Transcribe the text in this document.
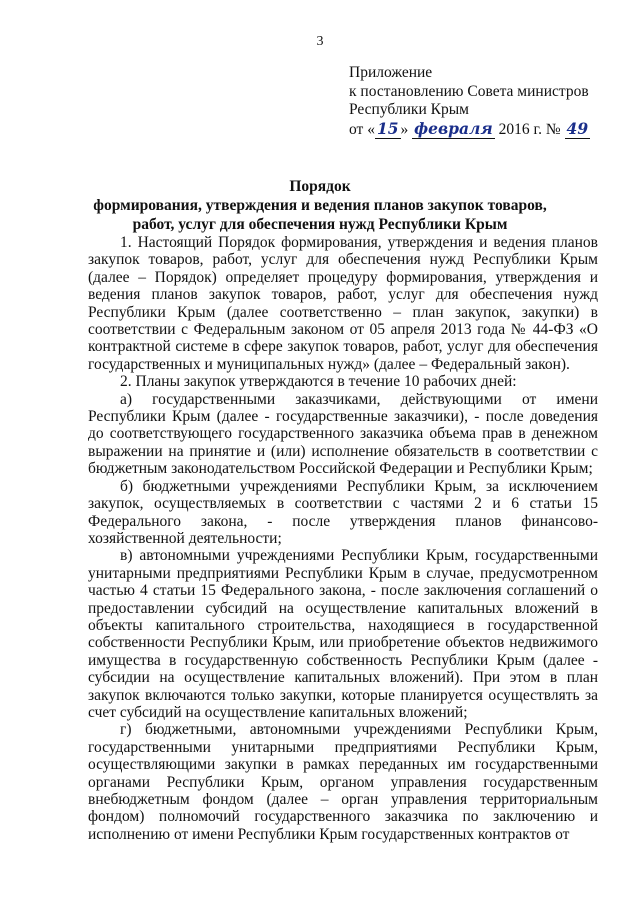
3
Приложение
к постановлению Совета министров
Республики Крым
от « 15 » февраля 2016 г. № 49
Порядок
формирования, утверждения и ведения планов закупок товаров,
работ, услуг для обеспечения нужд Республики Крым

1. Настоящий Порядок формирования, утверждения и ведения планов закупок товаров, работ, услуг для обеспечения нужд Республики Крым (далее – Порядок) определяет процедуру формирования, утверждения и ведения планов закупок товаров, работ, услуг для обеспечения нужд Республики Крым (далее соответственно – план закупок, закупки) в соответствии с Федеральным законом от 05 апреля 2013 года № 44-ФЗ «О контрактной системе в сфере закупок товаров, работ, услуг для обеспечения государственных и муниципальных нужд» (далее – Федеральный закон).

2. Планы закупок утверждаются в течение 10 рабочих дней:

а) государственными заказчиками, действующими от имени Республики Крым (далее - государственные заказчики), - после доведения до соответствующего государственного заказчика объема прав в денежном выражении на принятие и (или) исполнение обязательств в соответствии с бюджетным законодательством Российской Федерации и Республики Крым;

б) бюджетными учреждениями Республики Крым, за исключением закупок, осуществляемых в соответствии с частями 2 и 6 статьи 15 Федерального закона, - после утверждения планов финансово-хозяйственной деятельности;

в) автономными учреждениями Республики Крым, государственными унитарными предприятиями Республики Крым в случае, предусмотренном частью 4 статьи 15 Федерального закона, - после заключения соглашений о предоставлении субсидий на осуществление капитальных вложений в объекты капитального строительства, находящиеся в государственной собственности Республики Крым, или приобретение объектов недвижимого имущества в государственную собственность Республики Крым (далее - субсидии на осуществление капитальных вложений). При этом в план закупок включаются только закупки, которые планируется осуществлять за счет субсидий на осуществление капитальных вложений;

г) бюджетными, автономными учреждениями Республики Крым, государственными унитарными предприятиями Республики Крым, осуществляющими закупки в рамках переданных им государственными органами Республики Крым, органом управления государственным внебюджетным фондом (далее – орган управления территориальным фондом) полномочий государственного заказчика по заключению и исполнению от имени Республики Крым государственных контрактов от
